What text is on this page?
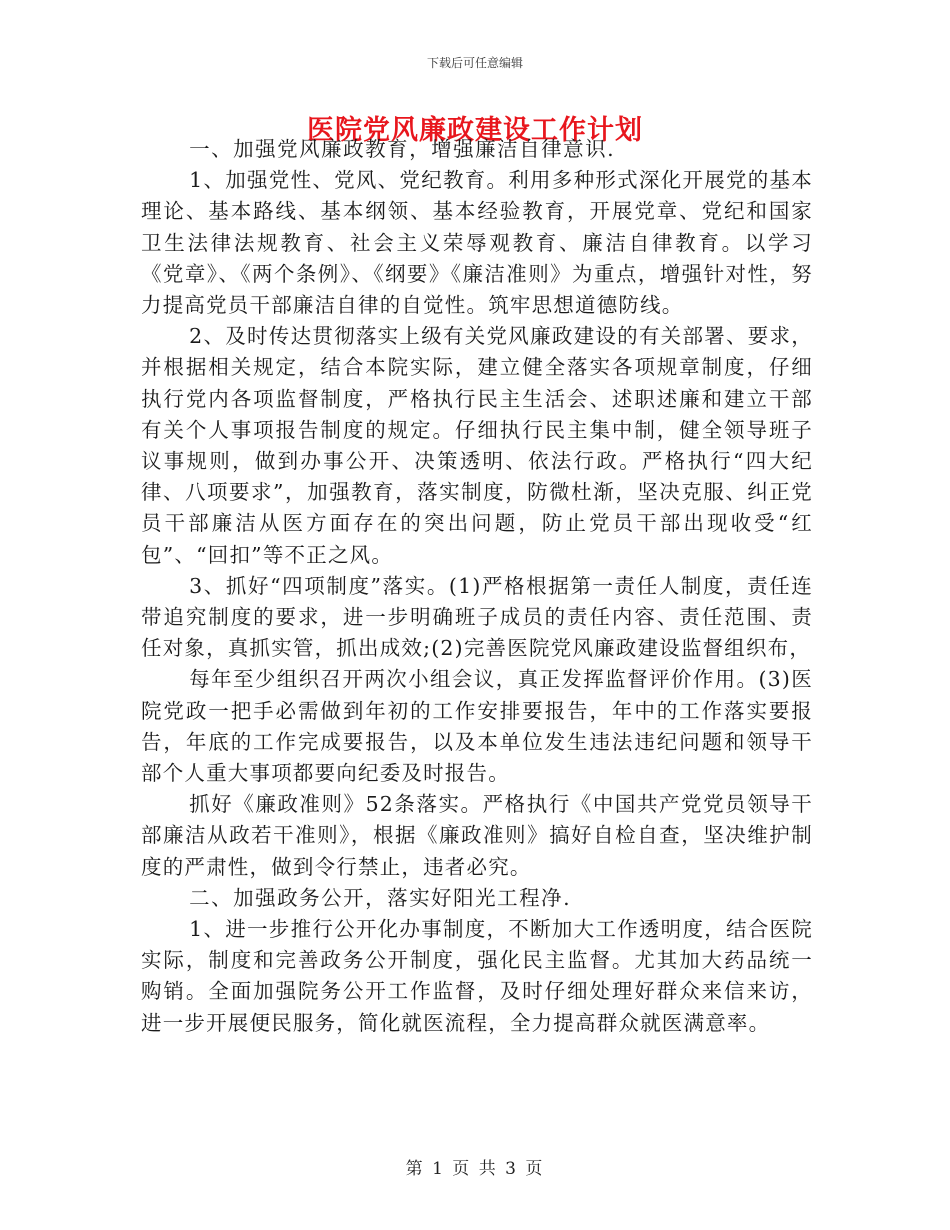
下载后可任意编辑
医院党风廉政建设工作计划

一、加强党风廉政教育，增强廉洁自律意识.

1、加强党性、党风、党纪教育。利用多种形式深化开展党的基本理论、基本路线、基本纲领、基本经验教育，开展党章、党纪和国家卫生法律法规教育、社会主义荣辱观教育、廉洁自律教育。以学习《党章》、《两个条例》、《纲要》《廉洁准则》为重点，增强针对性，努力提高党员干部廉洁自律的自觉性。筑牢思想道德防线。

2、及时传达贯彻落实上级有关党风廉政建设的有关部署、要求，并根据相关规定，结合本院实际，建立健全落实各项规章制度，仔细执行党内各项监督制度，严格执行民主生活会、述职述廉和建立干部有关个人事项报告制度的规定。仔细执行民主集中制，健全领导班子议事规则，做到办事公开、决策透明、依法行政。严格执行“四大纪律、八项要求”，加强教育，落实制度，防微杜渐，坚决克服、纠正党员干部廉洁从医方面存在的突出问题，防止党员干部出现收受“红包”、“回扣”等不正之风。

3、抓好“四项制度”落实。(1)严格根据第一责任人制度，责任连带追究制度的要求，进一步明确班子成员的责任内容、责任范围、责任对象，真抓实管，抓出成效;(2)完善医院党风廉政建设监督组织布，

每年至少组织召开两次小组会议，真正发挥监督评价作用。(3)医院党政一把手必需做到年初的工作安排要报告，年中的工作落实要报告，年底的工作完成要报告，以及本单位发生违法违纪问题和领导干部个人重大事项都要向纪委及时报告。

抓好《廉政准则》52条落实。严格执行《中国共产党党员领导干部廉洁从政若干准则》，根据《廉政准则》搞好自检自查，坚决维护制度的严肃性，做到令行禁止，违者必究。

二、加强政务公开，落实好阳光工程净.

1、进一步推行公开化办事制度，不断加大工作透明度，结合医院实际，制度和完善政务公开制度，强化民主监督。尤其加大药品统一购销。全面加强院务公开工作监督，及时仔细处理好群众来信来访，进一步开展便民服务，简化就医流程，全力提高群众就医满意率。

第 1 页 共 3 页
